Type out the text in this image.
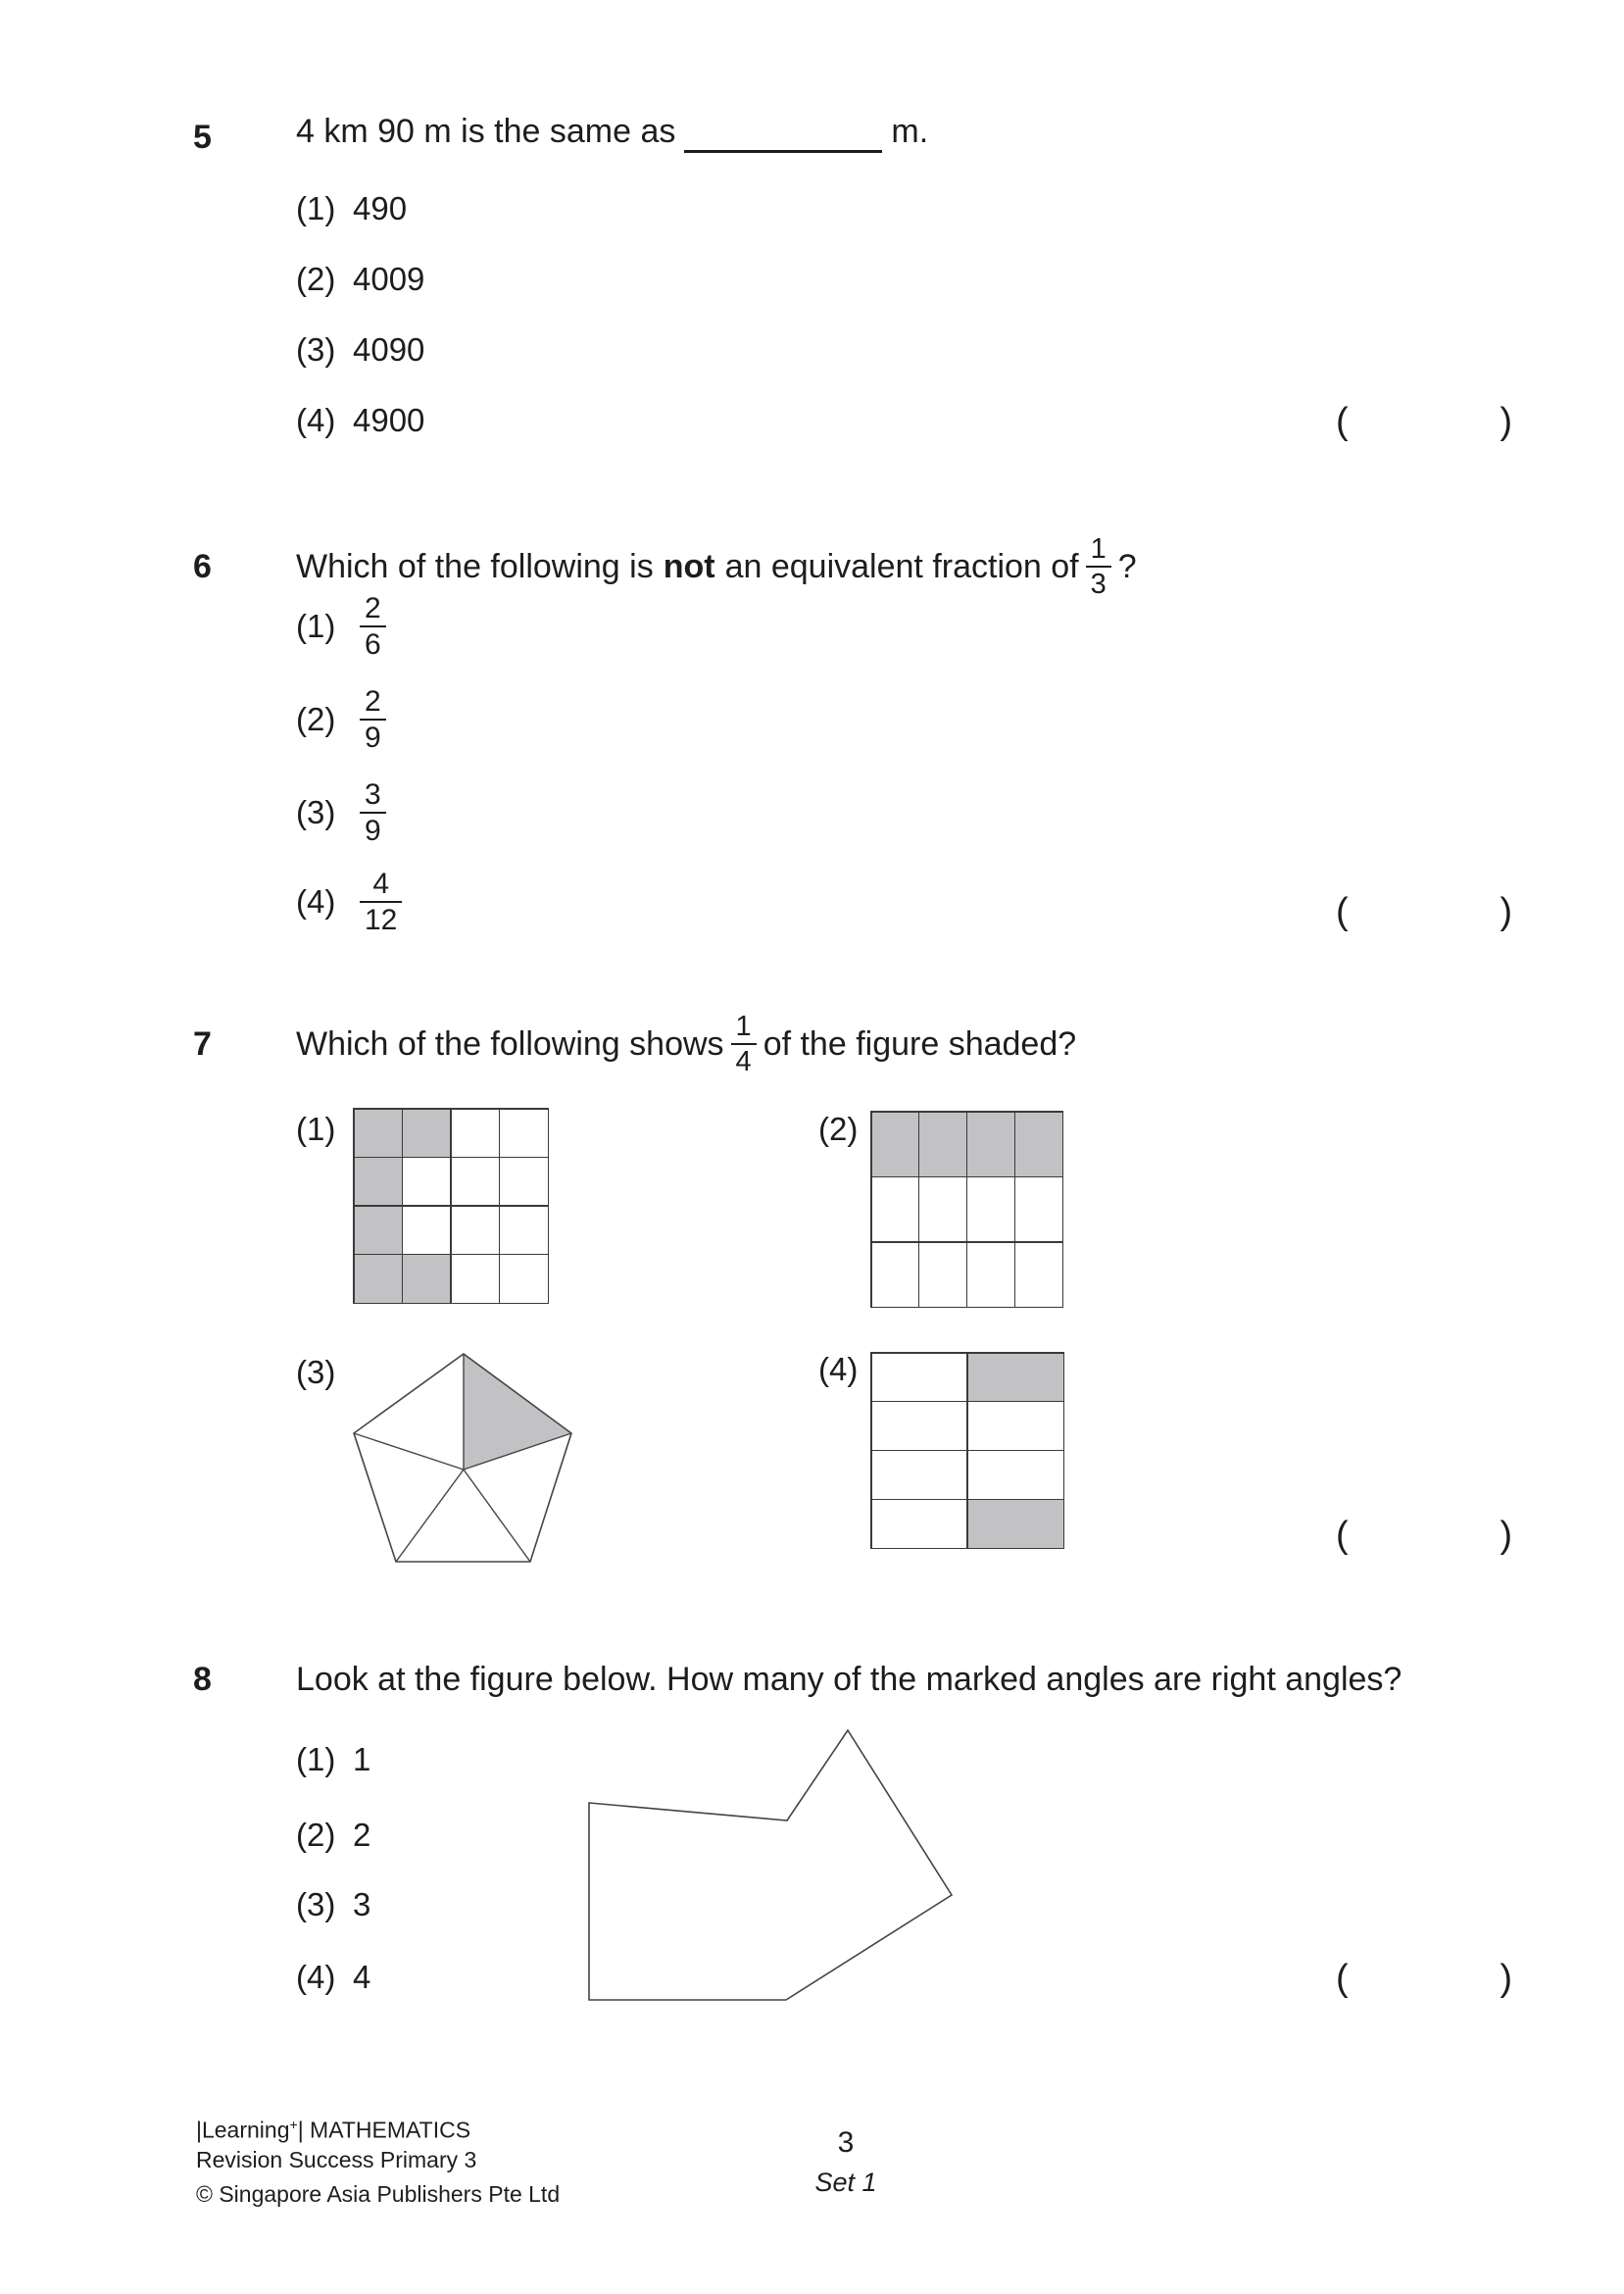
5	4 km 90 m is the same as	m.
(1) 490
(2) 4009
(3) 4090
(4) 4900	(	)
6	Which of the following is not an equivalent fraction of $\frac{1}{3}$ ?
$(1) \frac{2}{6}$
$(2) \frac{2}{9}$
$(3) \frac{3}{9}$
$(4) \frac{4}{12}$	(	)
7	Which of the following shows $\frac{1}{4}$ of the figure shaded?
(1)	(2)
(3)	(4)
(	)
8	Look at the figure below. How many of the marked angles are right angles?
(1) 1
(2) 2
(3) 3
(4) 4	(	)
|Learning+| MATHEMATICS
Revision Success Primary 3
© Singapore Asia Publishers Pte Ltd
3
Set 1
